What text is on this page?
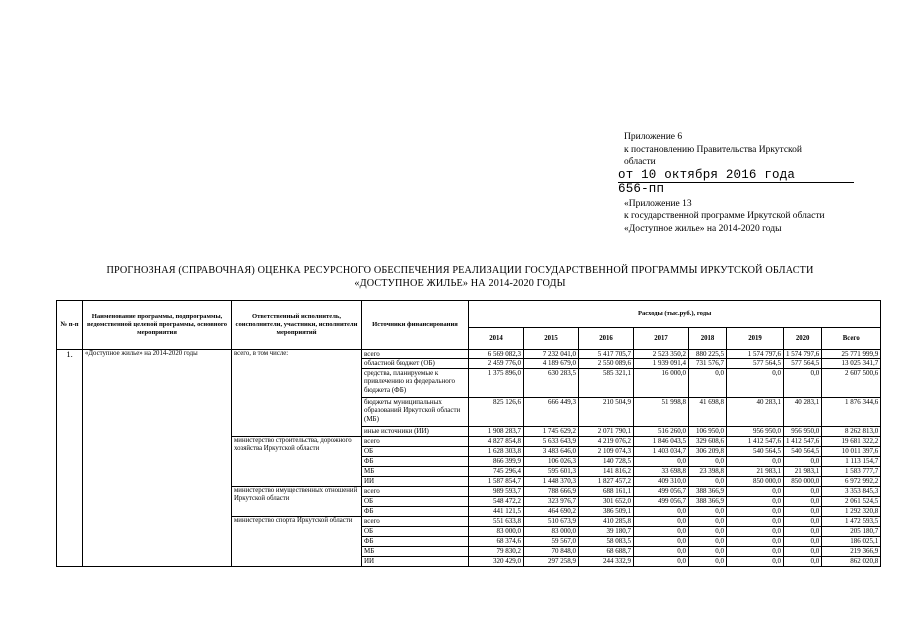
Приложение 6
к постановлению Правительства Иркутской
области
от 10 октября 2016 года
656-пп
«Приложение 13
к государственной программе Иркутской области
«Доступное жилье» на 2014-2020 годы
ПРОГНОЗНАЯ (СПРАВОЧНАЯ) ОЦЕНКА РЕСУРСНОГО ОБЕСПЕЧЕНИЯ РЕАЛИЗАЦИИ ГОСУДАРСТВЕННОЙ ПРОГРАММЫ ИРКУТСКОЙ ОБЛАСТИ
«ДОСТУПНОЕ ЖИЛЬЕ» НА 2014-2020 ГОДЫ
№ п-п	Наименование программы, подпрограммы, ведомственной целевой программы, основного мероприятия	Ответственный исполнитель, соисполнители, участники, исполнители мероприятий	Источники финансирования	Расходы (тыс.руб.), годы							
				2014	2015	2016	2017	2018	2019	2020	Всего
1.	«Доступное жилье» на 2014-2020 годы	всего, в том числе:	всего	6 569 082,3	7 232 041,0	5 417 705,7	2 523 350,2	880 225,5	1 574 797,6	1 574 797,6	25 771 999,9
			областной бюджет (ОБ)	2 459 776,0	4 189 679,0	2 550 089,6	1 939 091,4	731 576,7	577 564,5	577 564,5	13 025 341,7
			средства, планируемые к привлечению из федерального бюджета (ФБ)	1 375 896,0	630 283,5	585 321,1	16 000,0	0,0	0,0	0,0	2 607 500,6
			бюджеты муниципальных образований Иркутской области (МБ)	825 126,6	666 449,3	210 504,9	51 998,8	41 698,8	40 283,1	40 283,1	1 876 344,6
			иные источники (ИИ)	1 908 283,7	1 745 629,2	2 071 790,1	516 260,0	106 950,0	956 950,0	956 950,0	8 262 813,0
		министерство строительства, дорожного хозяйства Иркутской области	всего	4 827 854,8	5 633 643,9	4 219 076,2	1 846 043,5	329 608,6	1 412 547,6	1 412 547,6	19 681 322,2
			ОБ	1 628 303,8	3 483 646,0	2 109 074,3	1 403 034,7	306 209,8	540 564,5	540 564,5	10 011 397,6
			ФБ	866 399,9	106 026,3	140 728,5	0,0	0,0	0,0	0,0	1 113 154,7
			МБ	745 296,4	595 601,3	141 816,2	33 698,8	23 398,8	21 983,1	21 983,1	1 583 777,7
			ИИ	1 587 854,7	1 448 370,3	1 827 457,2	409 310,0	0,0	850 000,0	850 000,0	6 972 992,2
		министерство имущественных отношений Иркутской области	всего	989 593,7	788 666,9	688 161,1	499 056,7	388 366,9	0,0	0,0	3 353 845,3
			ОБ	548 472,2	323 976,7	301 652,0	499 056,7	388 366,9	0,0	0,0	2 061 524,5
			ФБ	441 121,5	464 690,2	386 509,1	0,0	0,0	0,0	0,0	1 292 320,8
		министерство спорта Иркутской области	всего	551 633,8	510 673,9	410 285,8	0,0	0,0	0,0	0,0	1 472 593,5
			ОБ	83 000,0	83 000,0	39 180,7	0,0	0,0	0,0	0,0	205 180,7
			ФБ	68 374,6	59 567,0	58 083,5	0,0	0,0	0,0	0,0	186 025,1
			МБ	79 830,2	70 848,0	68 688,7	0,0	0,0	0,0	0,0	219 366,9
			ИИ	320 429,0	297 258,9	244 332,9	0,0	0,0	0,0	0,0	862 020,8
